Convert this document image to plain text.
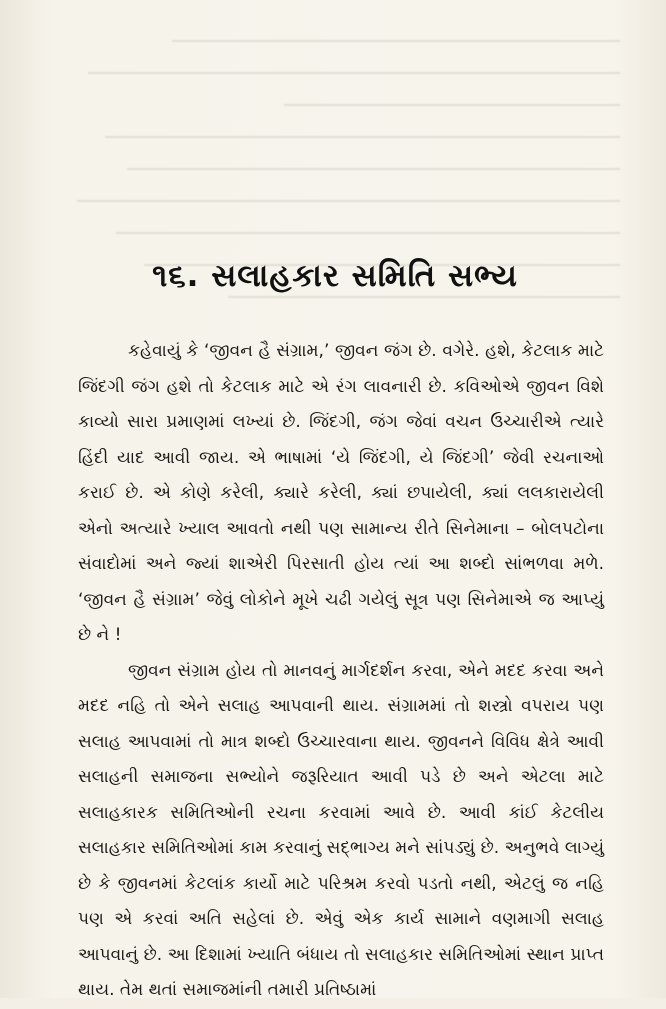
૧૬. સલાહકાર સમિતિ સભ્ય

કહેવાયું કે ‘જીવન હૈ સંગ્રામ,’ જીવન જંગ છે. વગેરે. હશે, કેટલાક માટે જિંદગી જંગ હશે તો કેટલાક માટે એ રંગ લાવનારી છે. કવિઓએ જીવન વિશે કાવ્યો સારા પ્રમાણમાં લખ્યાં છે. જિંદગી, જંગ જેવાં વચન ઉચ્ચારીએ ત્યારે હિંદી યાદ આવી જાય. એ ભાષામાં ‘યે જિંદગી, યે જિંદગી’ જેવી રચનાઓ કરાઈ છે. એ કોણે કરેલી, ક્યારે કરેલી, ક્યાં છપાયેલી, ક્યાં લલકારાયેલી એનો અત્યારે ખ્યાલ આવતો નથી પણ સામાન્ય રીતે સિનેમાના – બોલપટોના સંવાદોમાં અને જ્યાં શાએરી પિરસાતી હોય ત્યાં આ શબ્દો સાંભળવા મળે. ‘જીવન હૈ સંગ્રામ’ જેવું લોકોને મૂખે ચઢી ગયેલું સૂત્ર પણ સિનેમાએ જ આપ્યું છે ને !

જીવન સંગ્રામ હોય તો માનવનું માર્ગદર્શન કરવા, એને મદદ કરવા અને મદદ નહિ તો એને સલાહ આપવાની થાય. સંગ્રામમાં તો શસ્ત્રો વપરાય પણ સલાહ આપવામાં તો માત્ર શબ્દો ઉચ્ચારવાના થાય. જીવનને વિવિધ ક્ષેત્રે આવી સલાહની સમાજના સભ્યોને જરૂરિયાત આવી પડે છે અને એટલા માટે સલાહકારક સમિતિઓની રચના કરવામાં આવે છે. આવી કાંઈ કેટલીય સલાહકાર સમિતિઓમાં કામ કરવાનું સદ્‌ભાગ્ય મને સાંપડ્યું છે. અનુભવે લાગ્યું છે કે જીવનમાં કેટલાંક કાર્યો માટે પરિશ્રમ કરવો પડતો નથી, એટલું જ નહિ પણ એ કરવાં અતિ સહેલાં છે. એવું એક કાર્ય સામાને વણમાગી સલાહ આપવાનું છે. આ દિશામાં ખ્યાતિ બંધાય તો સલાહકાર સમિતિઓમાં સ્થાન પ્રાપ્ત થાય. તેમ થતાં સમાજમાંની તમારી પ્રતિષ્ઠામાં
